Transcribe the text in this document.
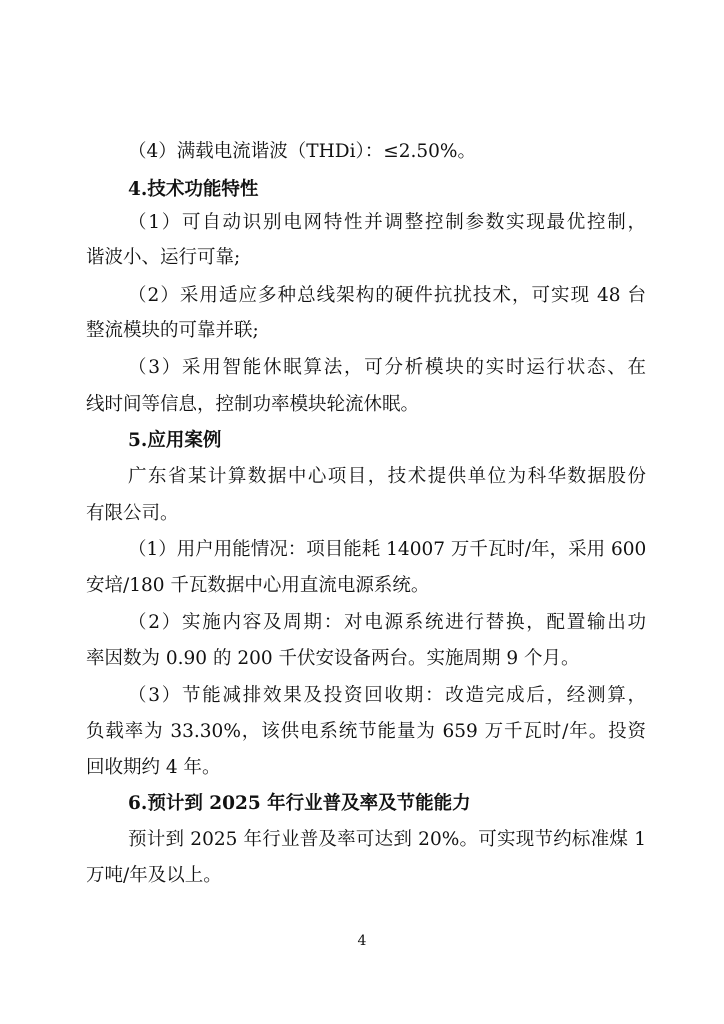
（4）满载电流谐波（THDi）：≤2.50%。
4.技术功能特性
（1）可自动识别电网特性并调整控制参数实现最优控制，
谐波小、运行可靠;
（2）采用适应多种总线架构的硬件抗扰技术，可实现 48 台
整流模块的可靠并联;
（3）采用智能休眠算法，可分析模块的实时运行状态、在
线时间等信息，控制功率模块轮流休眠。
5.应用案例
广东省某计算数据中心项目，技术提供单位为科华数据股份
有限公司。
（1）用户用能情况：项目能耗 14007 万千瓦时/年，采用 600
安培/180 千瓦数据中心用直流电源系统。
（2）实施内容及周期：对电源系统进行替换，配置输出功
率因数为 0.90 的 200 千伏安设备两台。实施周期 9 个月。
（3）节能减排效果及投资回收期：改造完成后，经测算，
负载率为 33.30%，该供电系统节能量为 659 万千瓦时/年。投资
回收期约 4 年。
6.预计到 2025 年行业普及率及节能能力
预计到 2025 年行业普及率可达到 20%。可实现节约标准煤 1
万吨/年及以上。
4
